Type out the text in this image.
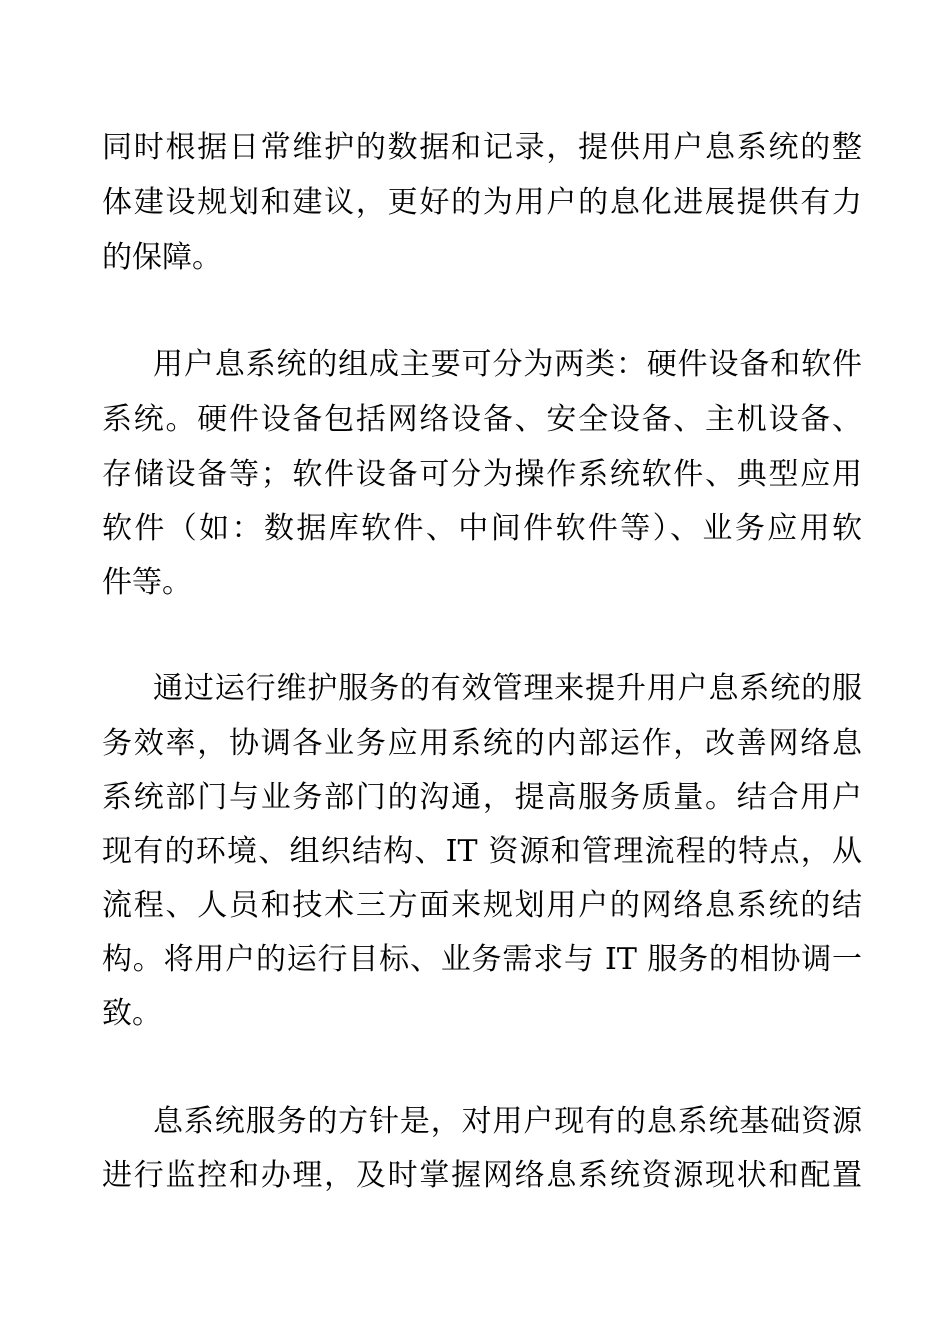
同时根据日常维护的数据和记录，提供用户息系统的整
体建设规划和建议，更好的为用户的息化进展提供有力
的保障。
用户息系统的组成主要可分为两类：硬件设备和软件
系统。硬件设备包括网络设备、安全设备、主机设备、
存储设备等；软件设备可分为操作系统软件、典型应用
软件（如：数据库软件、中间件软件等）、业务应用软
件等。
通过运行维护服务的有效管理来提升用户息系统的服
务效率，协调各业务应用系统的内部运作，改善网络息
系统部门与业务部门的沟通，提高服务质量。结合用户
现有的环境、组织结构、IT 资源和管理流程的特点，从
流程、人员和技术三方面来规划用户的网络息系统的结
构。将用户的运行目标、业务需求与 IT 服务的相协调一
致。
息系统服务的方针是，对用户现有的息系统基础资源
进行监控和办理，及时掌握网络息系统资源现状和配置
